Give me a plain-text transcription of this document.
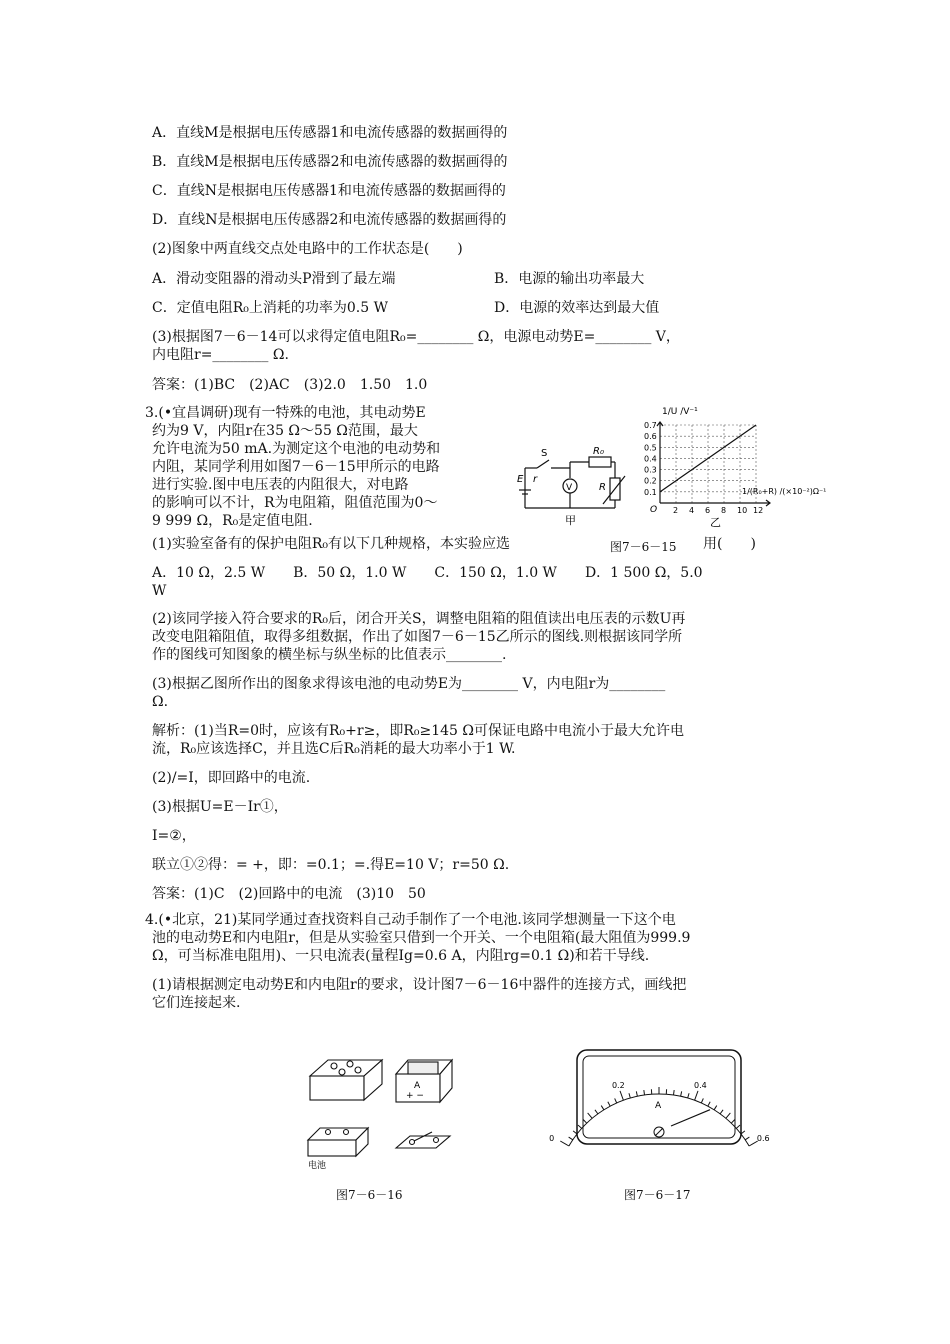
A．直线M是根据电压传感器1和电流传感器的数据画得的
B．直线M是根据电压传感器2和电流传感器的数据画得的
C．直线N是根据电压传感器1和电流传感器的数据画得的
D．直线N是根据电压传感器2和电流传感器的数据画得的
(2)图象中两直线交点处电路中的工作状态是(　　)
A．滑动变阻器的滑动头P滑到了最左端	B．电源的输出功率最大
C．定值电阻R₀上消耗的功率为0.5 W	D．电源的效率达到最大值
(3)根据图7－6－14可以求得定值电阻R₀=________ Ω，电源电动势E=________ V，
内电阻r=________ Ω.
答案：(1)BC　(2)AC　(3)2.0　1.50　1.0
3.(•宜昌调研)现有一特殊的电池，其电动势E
约为9 V，内阻r在35 Ω～55 Ω范围，最大
允许电流为50 mA.为测定这个电池的电动势和
内阻，某同学利用如图7－6－15甲所示的电路
进行实验.图中电压表的内阻很大，对电路
的影响可以不计，R为电阻箱，阻值范围为0～
9 999 Ω，R₀是定值电阻.
S	R₀
V	R
E r
甲
2 4 6 8 10 12
0.1
0.2
0.3
0.4
0.5
0.6
0.7
1/U /V⁻¹
1/(R₀+R) /(×10⁻²)Ω⁻¹
O
乙
(1)实验室备有的保护电阻R₀有以下几种规格，本实验应选	图7－6－15 用(　　)
A．10 Ω，2.5 W　　B．50 Ω，1.0 W　　C．150 Ω，1.0 W　　D．1 500 Ω，5.0
W
(2)该同学接入符合要求的R₀后，闭合开关S，调整电阻箱的阻值读出电压表的示数U再
改变电阻箱阻值，取得多组数据，作出了如图7－6－15乙所示的图线.则根据该同学所
作的图线可知图象的横坐标与纵坐标的比值表示________.
(3)根据乙图所作出的图象求得该电池的电动势E为________ V，内电阻r为________
Ω.
解析：(1)当R=0时，应该有R₀+r≥，即R₀≥145 Ω可保证电路中电流小于最大允许电
流，R₀应该选择C，并且选C后R₀消耗的最大功率小于1 W.
(2)/=I，即回路中的电流.
(3)根据U=E－Ir①，
I=②，
联立①②得：= +，即：=0.1；=.得E=10 V；r=50 Ω.
答案：(1)C　(2)回路中的电流　(3)10　50
4.(•北京，21)某同学通过查找资料自己动手制作了一个电池.该同学想测量一下这个电
池的电动势E和内电阻r，但是从实验室只借到一个开关、一个电阻箱(最大阻值为999.9
Ω，可当标准电阻用)、一只电流表(量程Ig=0.6 A，内阻rg=0.1 Ω)和若干导线.
(1)请根据测定电动势E和内电阻r的要求，设计图7－6－16中器件的连接方式，画线把
它们连接起来.
A
+ −
电池
0
0.2	0.4
0.6
A
图7－6－16	图7－6－17
